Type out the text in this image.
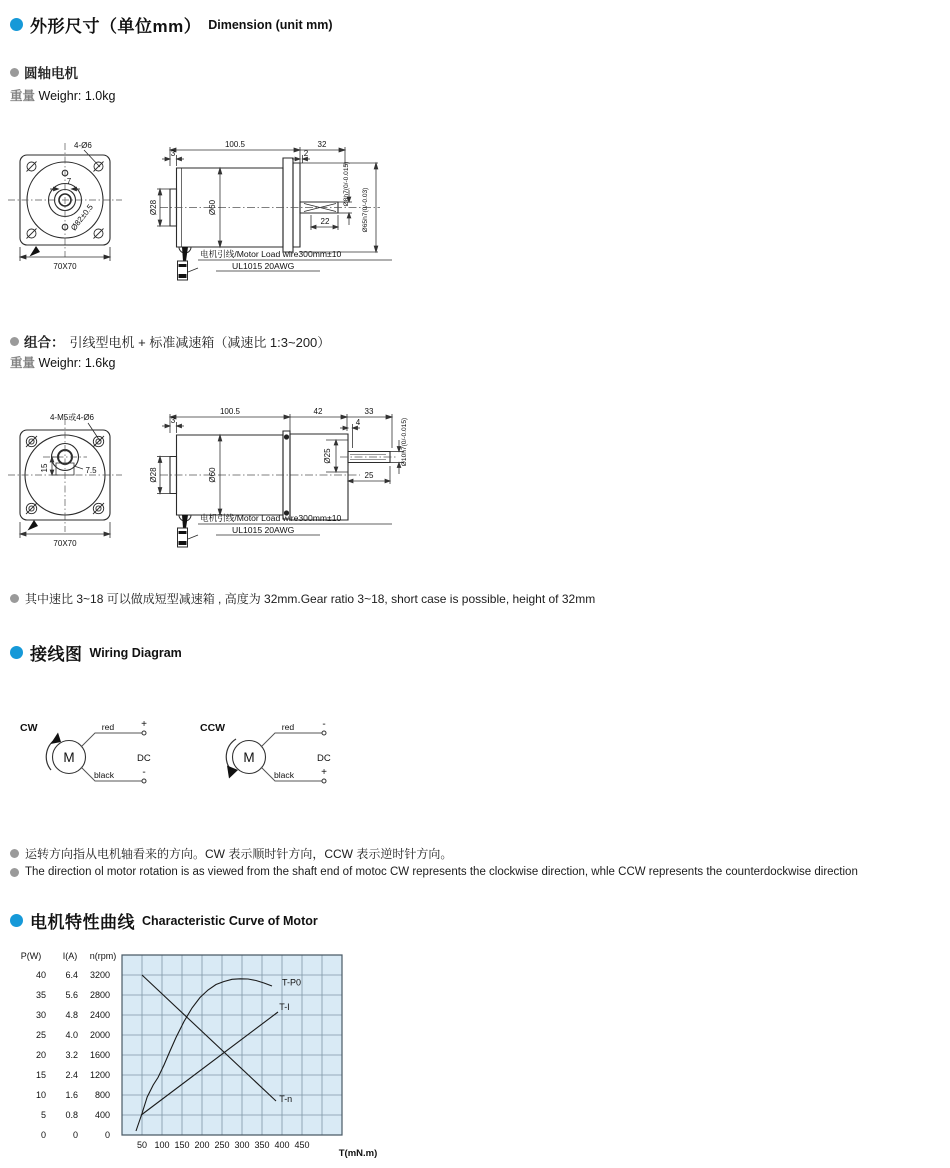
外形尺寸（单位mm） Dimension (unit mm)
圆轴电机
重量 Weighr: 1.0kg
4-Ø6
7
Ø82±0.5
70X70
100.5
3
32
2
Ø28	Ø60
Ø8h7(0/-0.015)
Ø65h7(0/-0.03)
22
电机引线/Motor Load wire300mm±10
UL1015 20AWG
组合： 引线型电机 + 标准减速箱（减速比 1:3~200）
重量 Weighr: 1.6kg
4-M5或4-Ø6
15	7.5
70X70
100.5
3
42	33
4
Ø28	Ø60
Ø25
25
Ø10h7(0/-0.015)
电机引线/Motor Load wire300mm±10
UL1015 20AWG
其中速比 3~18 可以做成短型减速箱 , 高度为 32mm.Gear ratio 3~18, short case is possible, height of 32mm
接线图 Wiring Diagram
CW
M
red
black
+
-
DC
CCW
M
red
black
-
+
DC
运转方向指从电机轴看来的方向。CW 表示顺时针方向，CCW 表示逆时针方向。
The direction ol motor rotation is as viewed from the shaft end of motoc CW represents the clockwise direction, whle CCW represents the counterdockwise direction
电机特性曲线 Characteristic Curve of Motor
P(W)
40
35
30
25
20
15
10
5
0
I(A)
6.4
5.6
4.8
4.0
3.2
2.4
1.6
0.8
0
n(rpm)
3200
2800
2400
2000
1600
1200
800
400
0
50 100 150 200 250 300 350 400 450
T(mN.m)
T-n
T-I
T-P0
